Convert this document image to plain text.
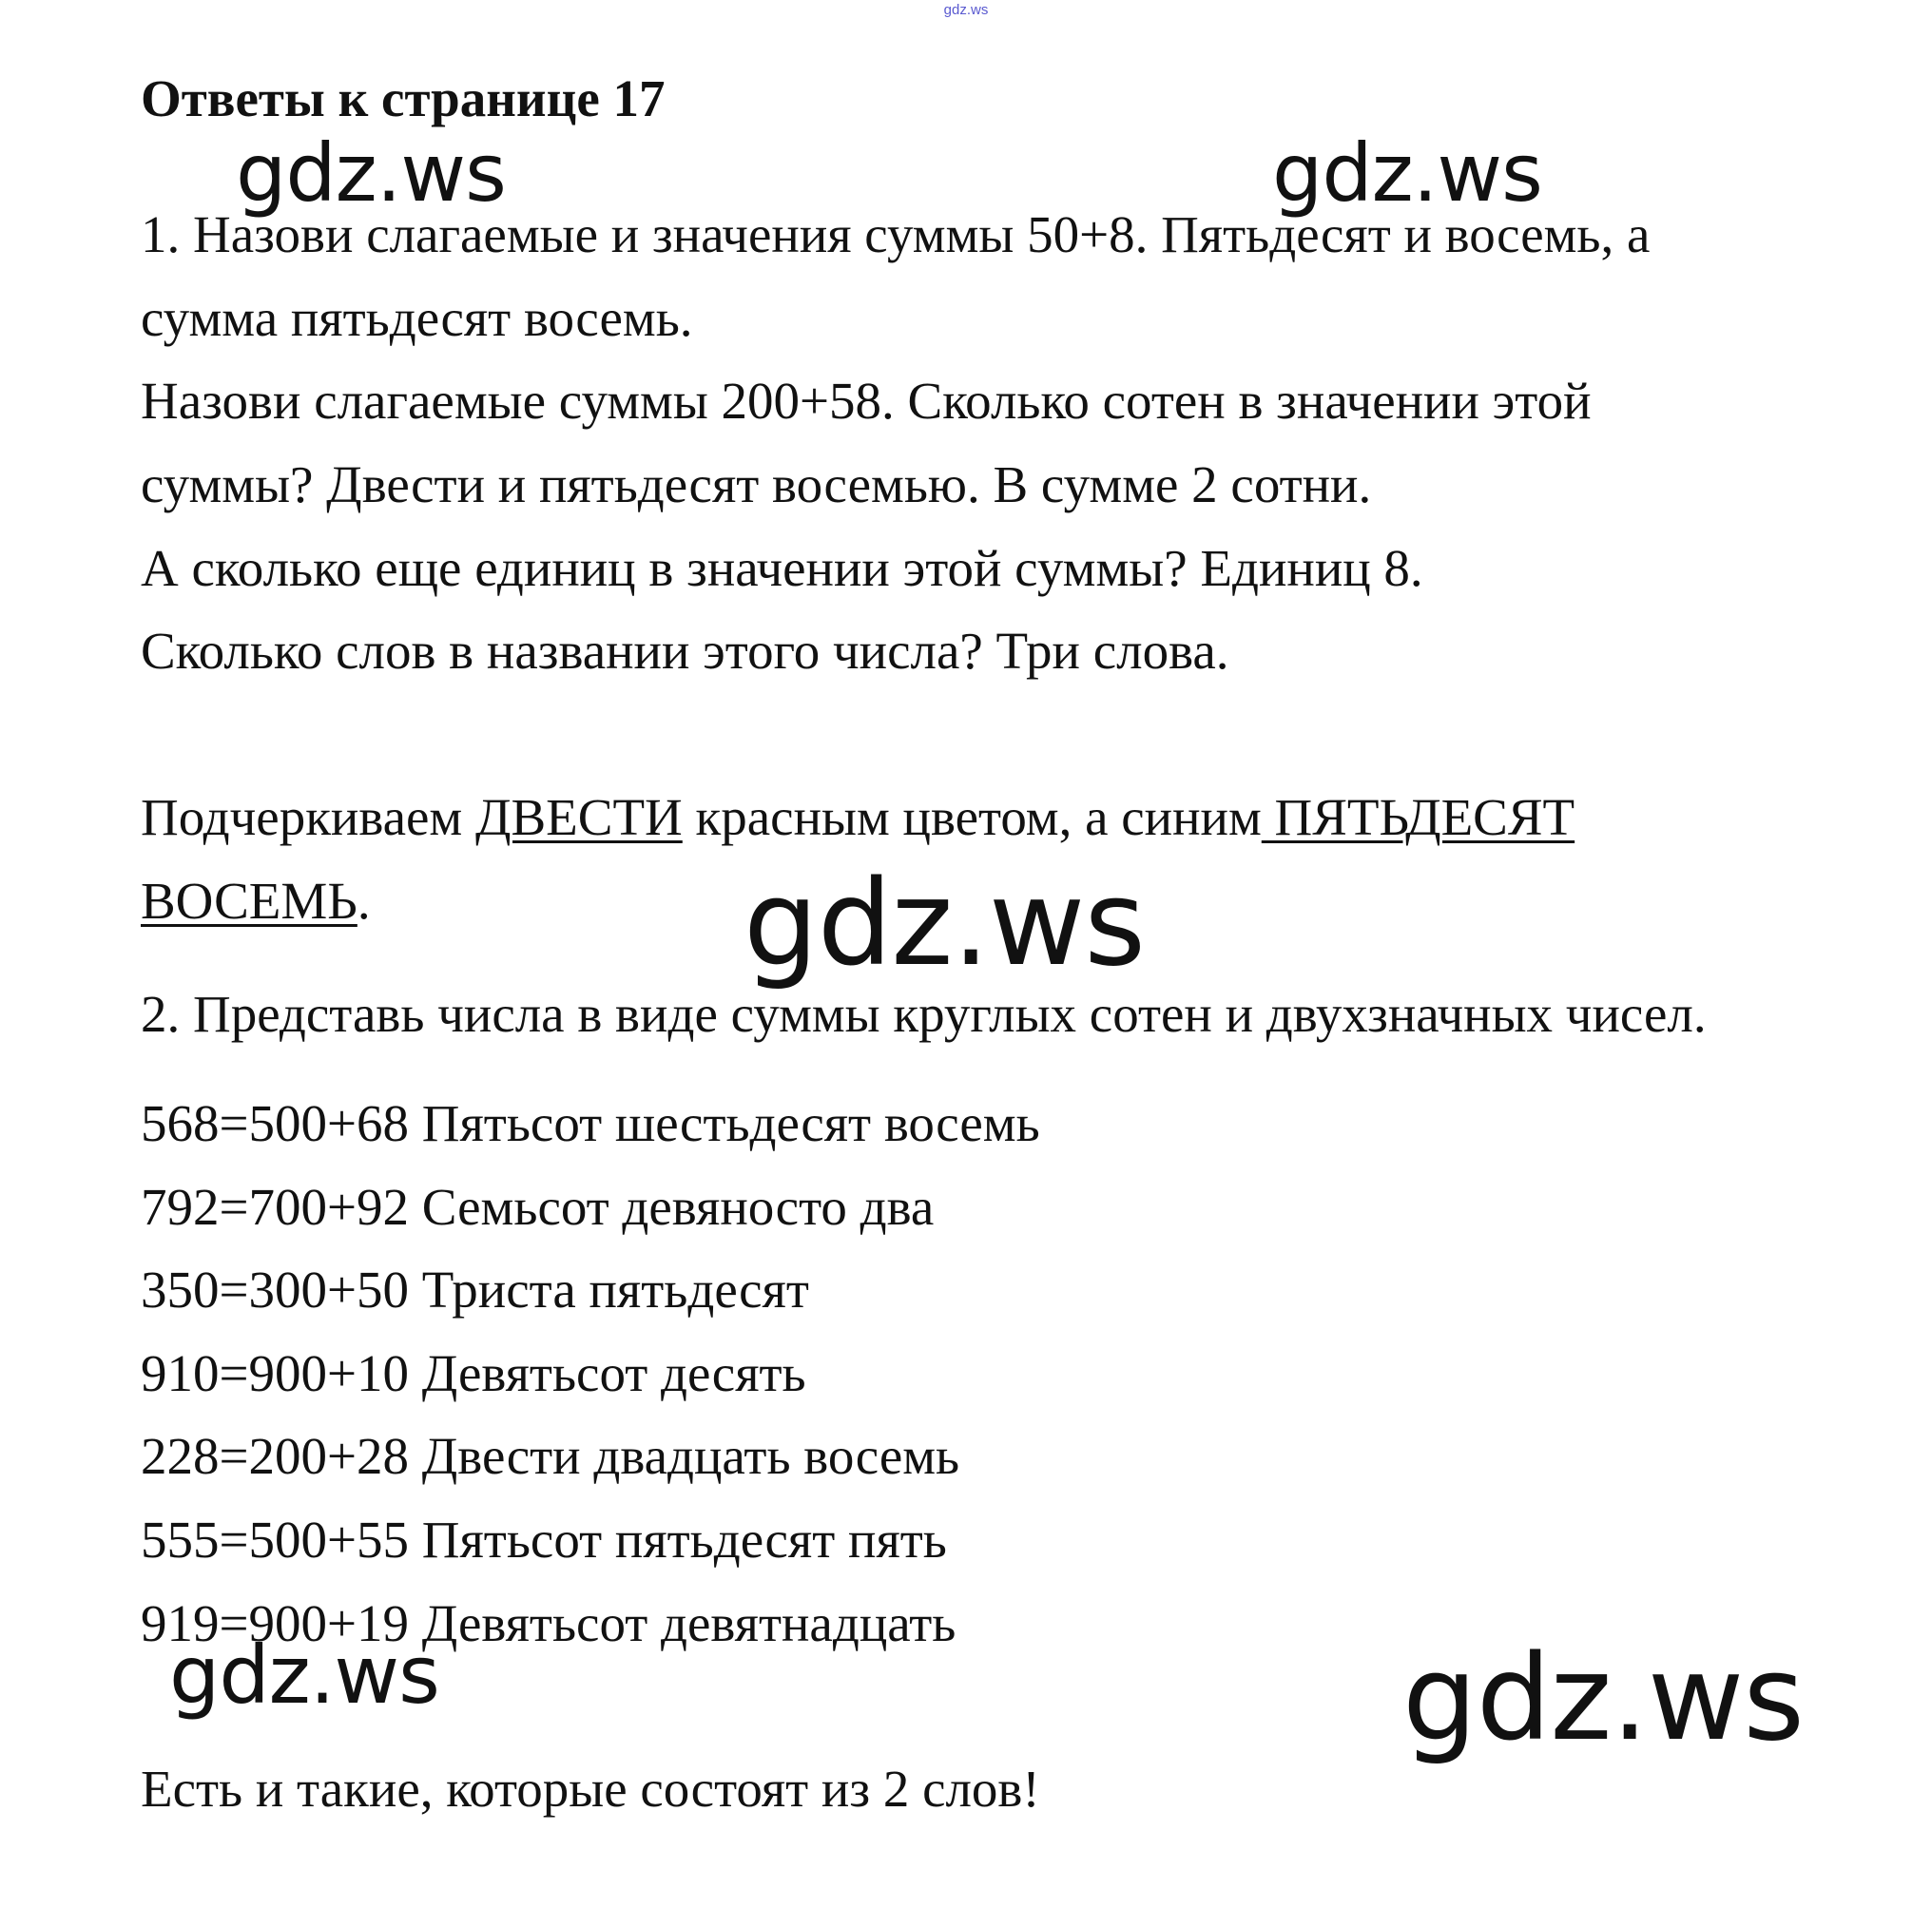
gdz.ws
Ответы к странице 17
1. Назови слагаемые и значения суммы 50+8. Пятьдесят и восемь, а
сумма пятьдесят восемь.
Назови слагаемые суммы 200+58. Сколько сотен в значении этой
суммы? Двести и пятьдесят восемью. В сумме 2 сотни.
А сколько еще единиц в значении этой суммы? Единиц 8.
Сколько слов в названии этого числа? Три слова.
Подчеркиваем ДВЕСТИ красным цветом, а синим ПЯТЬДЕСЯТ
ВОСЕМЬ.
2. Представь числа в виде суммы круглых сотен и двухзначных чисел.
568=500+68 Пятьсот шестьдесят восемь
792=700+92 Семьсот девяносто два
350=300+50 Триста пятьдесят
910=900+10 Девятьсот десять
228=200+28 Двести двадцать восемь
555=500+55 Пятьсот пятьдесят пять
919=900+19 Девятьсот девятнадцать
Есть и такие, которые состоят из 2 слов!
gdz.ws	gdz.ws
gdz.ws
gdz.ws	gdz.ws
